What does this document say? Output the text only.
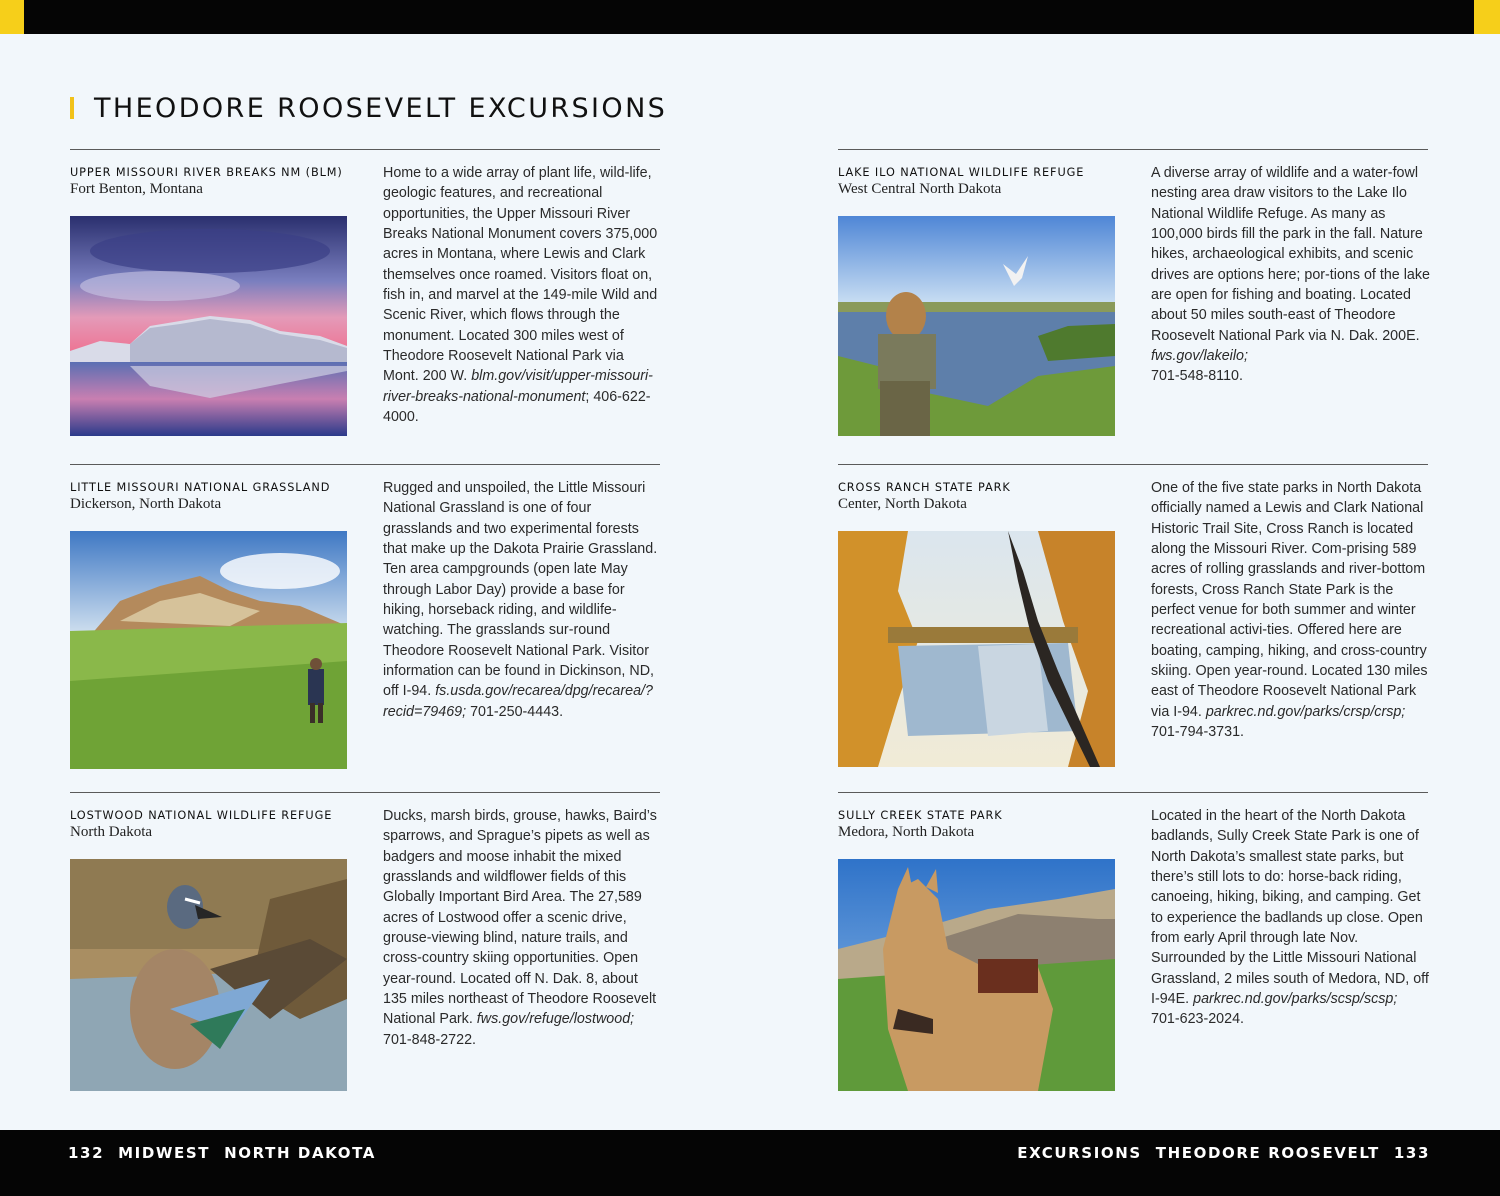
THEODORE ROOSEVELT EXCURSIONS
UPPER MISSOURI RIVER BREAKS NM (BLM)
Fort Benton, Montana
Home to a wide array of plant life, wild-life, geologic features, and recreational opportunities, the Upper Missouri River Breaks National Monument covers 375,000 acres in Montana, where Lewis and Clark themselves once roamed. Visitors float on, fish in, and marvel at the 149-mile Wild and Scenic River, which flows through the monument. Located 300 miles west of Theodore Roosevelt National Park via Mont. 200 W. blm.gov/visit/upper-missouri-river-breaks-national-monument; 406-622-4000.
LAKE ILO NATIONAL WILDLIFE REFUGE
West Central North Dakota
A diverse array of wildlife and a water-fowl nesting area draw visitors to the Lake Ilo National Wildlife Refuge. As many as 100,000 birds fill the park in the fall. Nature hikes, archaeological exhibits, and scenic drives are options here; por-tions of the lake are open for fishing and boating. Located about 50 miles south-east of Theodore Roosevelt National Park via N. Dak. 200E. fws.gov/lakeilo;
701-548-8110.
LITTLE MISSOURI NATIONAL GRASSLAND
Dickerson, North Dakota
Rugged and unspoiled, the Little Missouri National Grassland is one of four grasslands and two experimental forests that make up the Dakota Prairie Grassland. Ten area campgrounds (open late May through Labor Day) provide a base for hiking, horseback riding, and wildlife-watching. The grasslands sur-round Theodore Roosevelt National Park. Visitor information can be found in Dickinson, ND, off I-94. fs.usda.gov/recarea/dpg/recarea/?recid=79469; 701-250-4443.
CROSS RANCH STATE PARK
Center, North Dakota
One of the five state parks in North Dakota officially named a Lewis and Clark National Historic Trail Site, Cross Ranch is located along the Missouri River. Com-prising 589 acres of rolling grasslands and river-bottom forests, Cross Ranch State Park is the perfect venue for both summer and winter recreational activi-ties. Offered here are boating, camping, hiking, and cross-country skiing. Open year-round. Located 130 miles east of Theodore Roosevelt National Park via I-94. parkrec.nd.gov/parks/crsp/crsp;
701-794-3731.
LOSTWOOD NATIONAL WILDLIFE REFUGE
North Dakota
Ducks, marsh birds, grouse, hawks, Baird’s sparrows, and Sprague’s pipets as well as badgers and moose inhabit the mixed grasslands and wildflower fields of this Globally Important Bird Area. The 27,589 acres of Lostwood offer a scenic drive, grouse-viewing blind, nature trails, and cross-country skiing opportunities. Open year-round. Located off N. Dak. 8, about 135 miles northeast of Theodore Roosevelt National Park. fws.gov/refuge/lostwood; 701-848-2722.
SULLY CREEK STATE PARK
Medora, North Dakota
Located in the heart of the North Dakota badlands, Sully Creek State Park is one of North Dakota’s smallest state parks, but there’s still lots to do: horse-back riding, canoeing, hiking, biking, and camping. Get to experience the badlands up close. Open from early April through late Nov. Surrounded by the Little Missouri National Grassland, 2 miles south of Medora, ND, off I-94E. parkrec.nd.gov/parks/scsp/scsp;
701-623-2024.
132 MIDWEST NORTH DAKOTA	EXCURSIONS THEODORE ROOSEVELT 133
